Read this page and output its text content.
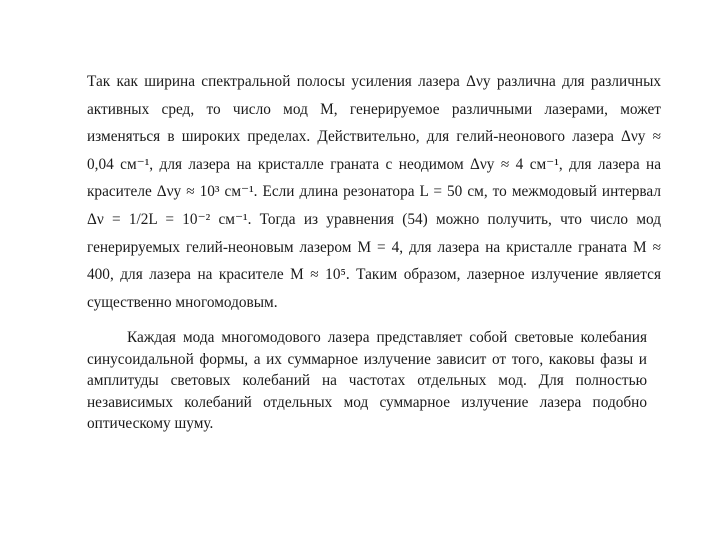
Так как ширина спектральной полосы усиления лазера Δνy различна для различных
активных сред, то число мод M, генерируемое различными лазерами, может
изменяться в широких пределах. Действительно, для гелий-неонового лазера Δνy ≈
0,04 см⁻¹, для лазера на кристалле граната с неодимом Δνy ≈ 4 см⁻¹, для лазера на
красителе Δνy ≈ 10³ см⁻¹. Если длина резонатора L = 50 см, то межмодовый интервал
Δν = 1/2L = 10⁻² см⁻¹. Тогда из уравнения (54) можно получить, что число мод
генерируемых гелий-неоновым лазером M = 4, для лазера на кристалле граната M ≈
400, для лазера на красителе M ≈ 10⁵. Таким образом, лазерное излучение является
существенно многомодовым.

Каждая мода многомодового лазера представляет собой световые колебания
синусоидальной формы, а их суммарное излучение зависит от того, каковы фазы и
амплитуды световых колебаний на частотах отдельных мод. Для полностью
независимых колебаний отдельных мод суммарное излучение лазера подобно
оптическому шуму.
